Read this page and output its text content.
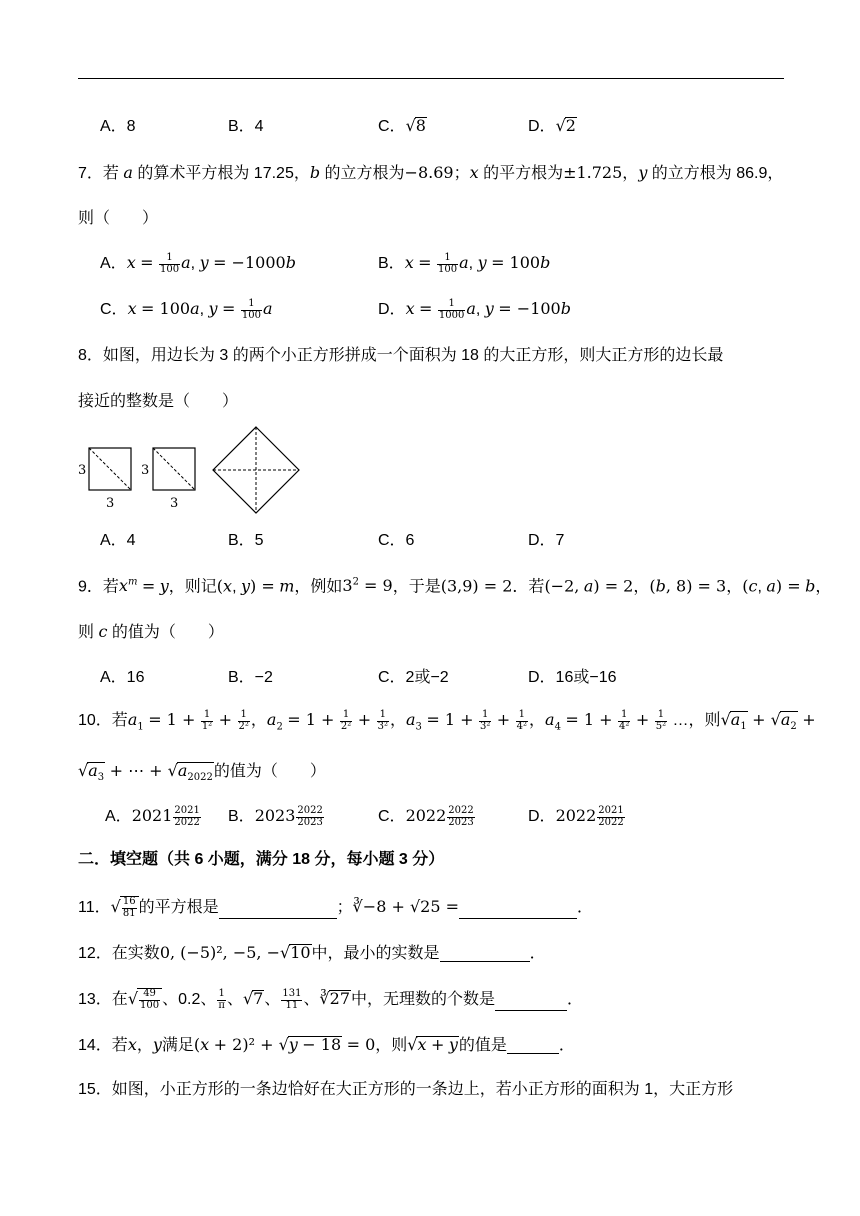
A．8	B．4	C．√8	D．√2
7．若 a 的算术平方根为 17.25，b 的立方根为−8.69；x 的平方根为±1.725，y 的立方根为 86.9，
则（　　）
A．$x = \frac{1}{100} a$, y = −1000b	B．$x = \frac{1}{100} a$, y = 100b
C．x = 100a, $y = \frac{1}{100}$ a	D．$x = \frac{1}{1000} a$, y = −100b
8．如图，用边长为 3 的两个小正方形拼成一个面积为 18 的大正方形，则大正方形的边长最
接近的整数是（　　）
3
3
3
3
A．4	B．5	C．6	D．7
9．若$x^m = y$，则记(x, y) = m，例如$3^2 = 9$，于是(3,9) = 2．若(−2, a) = 2，(b, 8) = 3，(c, a) = b，
则 c 的值为（　　）
A．16	B．−2	C．2或−2	D．16或−16
10．若$a_1 = 1 + \frac{1}{\text{1²}} + \frac{1}{\text{2²}}$ ，$a_2 = 1 + \frac{1}{\text{2²}} + \frac{1}{\text{3²}}$ ，$a_3 = 1 + \frac{1}{\text{3²}} + \frac{1}{\text{4²}}$ ，$a_4 = 1 + \frac{1}{\text{4²}} + \frac{1}{\text{5²}}$ …，则$√a_1 + √a_2$ +
$√a_3$ + ⋯ + $√a_{2022}$的值为（　　）
A．$2021 \frac{2021}{2022}$ B．$2023 \frac{2022}{2023}$	C．$2022 \frac{2022}{2023}$	D．$2022 \frac{2021}{2022}$
二．填空题（共 6 小题，满分 18 分，每小题 3 分）
11．√ $\frac{16}{81}$ 的平方根是	；∛−8 + √25 =	．
12．在实数0, (−5)², −5, −√10中，最小的实数是	．
13．在√ $\frac{49}{100}$ 、0.2、 $\frac{1}{\pi}$ 、√7、 $\frac{131}{11}$ 、∛27中，无理数的个数是	．
14．若x，y满足(x + 2)² + √y − 18 = 0，则√x + y的值是	．
15．如图，小正方形的一条边恰好在大正方形的一条边上，若小正方形的面积为 1，大正方形
